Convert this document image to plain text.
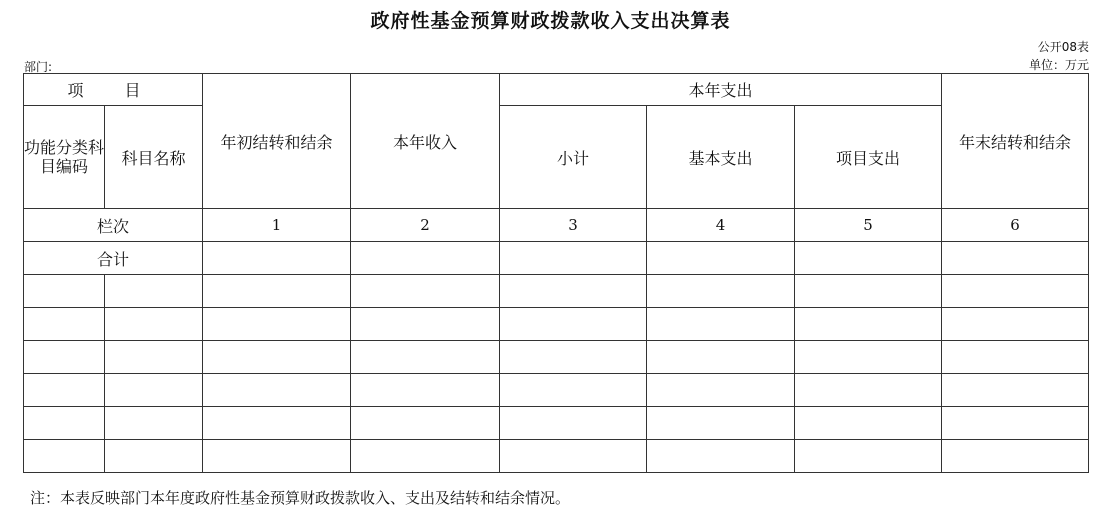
政府性基金预算财政拨款收入支出决算表
公开08表
部门:	单位：万元
项 目		年初结转和结余	本年收入	本年支出			年末结转和结余
功能分类科目编码	科目名称			小计	基本支出	项目支出	
栏次		1	2	3	4	5	6
合计							

注：本表反映部门本年度政府性基金预算财政拨款收入、支出及结转和结余情况。
